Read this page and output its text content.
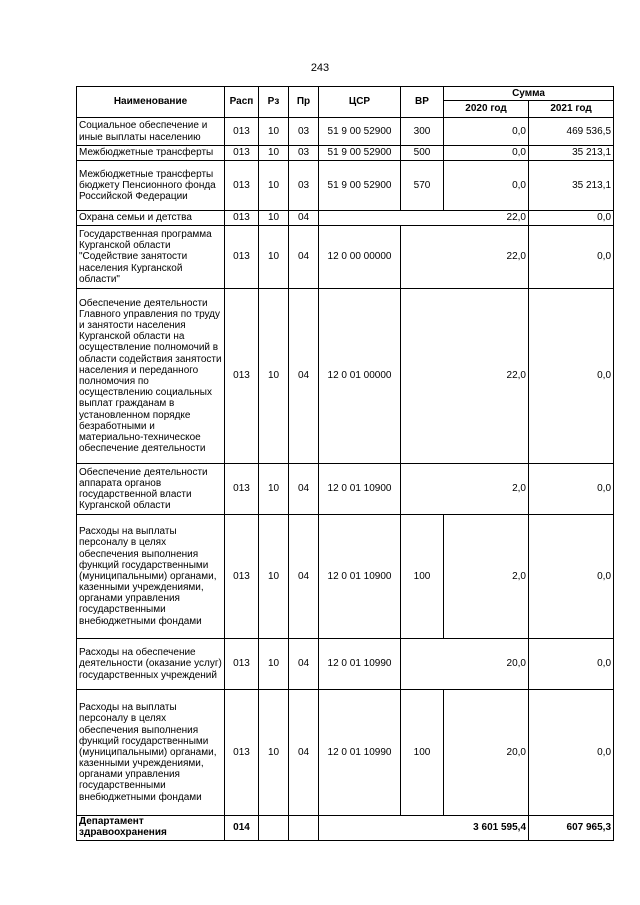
243
Наименование	Расп	Рз	Пр	ЦСР	ВР	Сумма	
						2020 год	2021 год
Социальное обеспечение и иные выплаты населению	013	10	03	51 9 00 52900	300	0,0	469 536,5
Межбюджетные трансферты	013	10	03	51 9 00 52900	500	0,0	35 213,1
Межбюджетные трансферты бюджету Пенсионного фонда Российской Федерации	013	10	03	51 9 00 52900	570	0,0	35 213,1
Охрана семьи и детства	013	10	04	22,0			0,0
Государственная программа Курганской области "Содействие занятости населения Курганской области"	013	10	04	12 0 00 00000	22,0		0,0
Обеспечение деятельности Главного управления по труду и занятости населения Курганской области на осуществление полномочий в области содействия занятости населения и переданного полномочия по осуществлению социальных выплат гражданам в установленном порядке безработными и материально-техническое обеспечение деятельности	013	10	04	12 0 01 00000	22,0		0,0
Обеспечение деятельности аппарата органов государственной власти Курганской области	013	10	04	12 0 01 10900	2,0		0,0
Расходы на выплаты персоналу в целях обеспечения выполнения функций государственными (муниципальными) органами, казенными учреждениями, органами управления государственными внебюджетными фондами	013	10	04	12 0 01 10900	100	2,0	0,0
Расходы на обеспечение деятельности (оказание услуг) государственных учреждений	013	10	04	12 0 01 10990	20,0		0,0
Расходы на выплаты персоналу в целях обеспечения выполнения функций государственными (муниципальными) органами, казенными учреждениями, органами управления государственными внебюджетными фондами	013	10	04	12 0 01 10990	100	20,0	0,0
Департамент здравоохранения	014			3 601 595,4			607 965,3
